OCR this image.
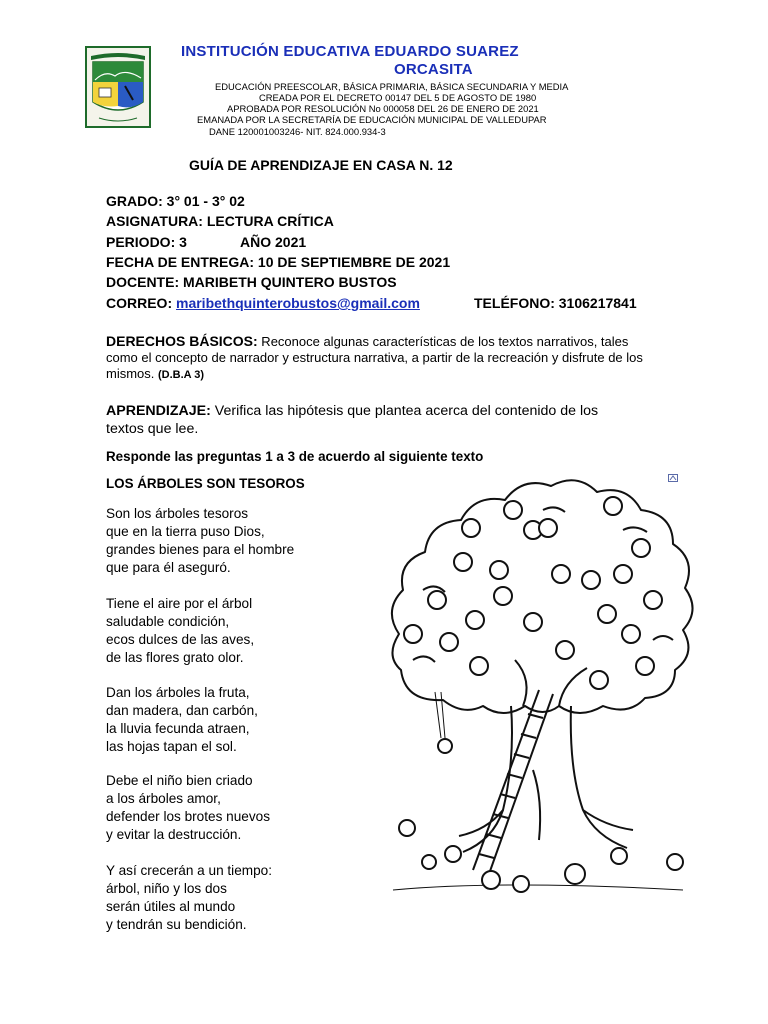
INSTITUCIÓN EDUCATIVA EDUARDO SUAREZ
ORCASITA
EDUCACIÓN PREESCOLAR, BÁSICA PRIMARIA, BÁSICA SECUNDARIA Y MEDIA
CREADA POR EL DECRETO 00147 DEL 5 DE AGOSTO DE 1980
APROBADA POR RESOLUCIÓN No 000058 DEL 26 DE ENERO DE 2021
EMANADA POR LA SECRETARÍA DE EDUCACIÓN MUNICIPAL DE VALLEDUPAR
DANE 120001003246- NIT. 824.000.934-3
GUÍA DE APRENDIZAJE EN CASA N. 12
GRADO: 3° 01 - 3° 02
ASIGNATURA: LECTURA CRÍTICA
PERIODO: 3	AÑO 2021
FECHA DE ENTREGA: 10 DE SEPTIEMBRE DE 2021
DOCENTE: MARIBETH QUINTERO BUSTOS
CORREO: maribethquinterobustos@gmail.com	TELÉFONO: 3106217841
DERECHOS BÁSICOS: Reconoce algunas características de los textos narrativos, tales como el concepto de narrador y estructura narrativa, a partir de la recreación y disfrute de los mismos. (D.B.A 3)
APRENDIZAJE: Verifica las hipótesis que plantea acerca del contenido de los textos que lee.
Responde las preguntas 1 a 3 de acuerdo al siguiente texto
LOS ÁRBOLES SON TESOROS
Son los árboles tesoros
que en la tierra puso Dios,
grandes bienes para el hombre
que para él aseguró.
Tiene el aire por el árbol
saludable condición,
ecos dulces de las aves,
de las flores grato olor.
Dan los árboles la fruta,
dan madera, dan carbón,
la lluvia fecunda atraen,
las hojas tapan el sol.
Debe el niño bien criado
a los árboles amor,
defender los brotes nuevos
y evitar la destrucción.
Y así crecerán a un tiempo:
árbol, niño y los dos
serán útiles al mundo
y tendrán su bendición.
